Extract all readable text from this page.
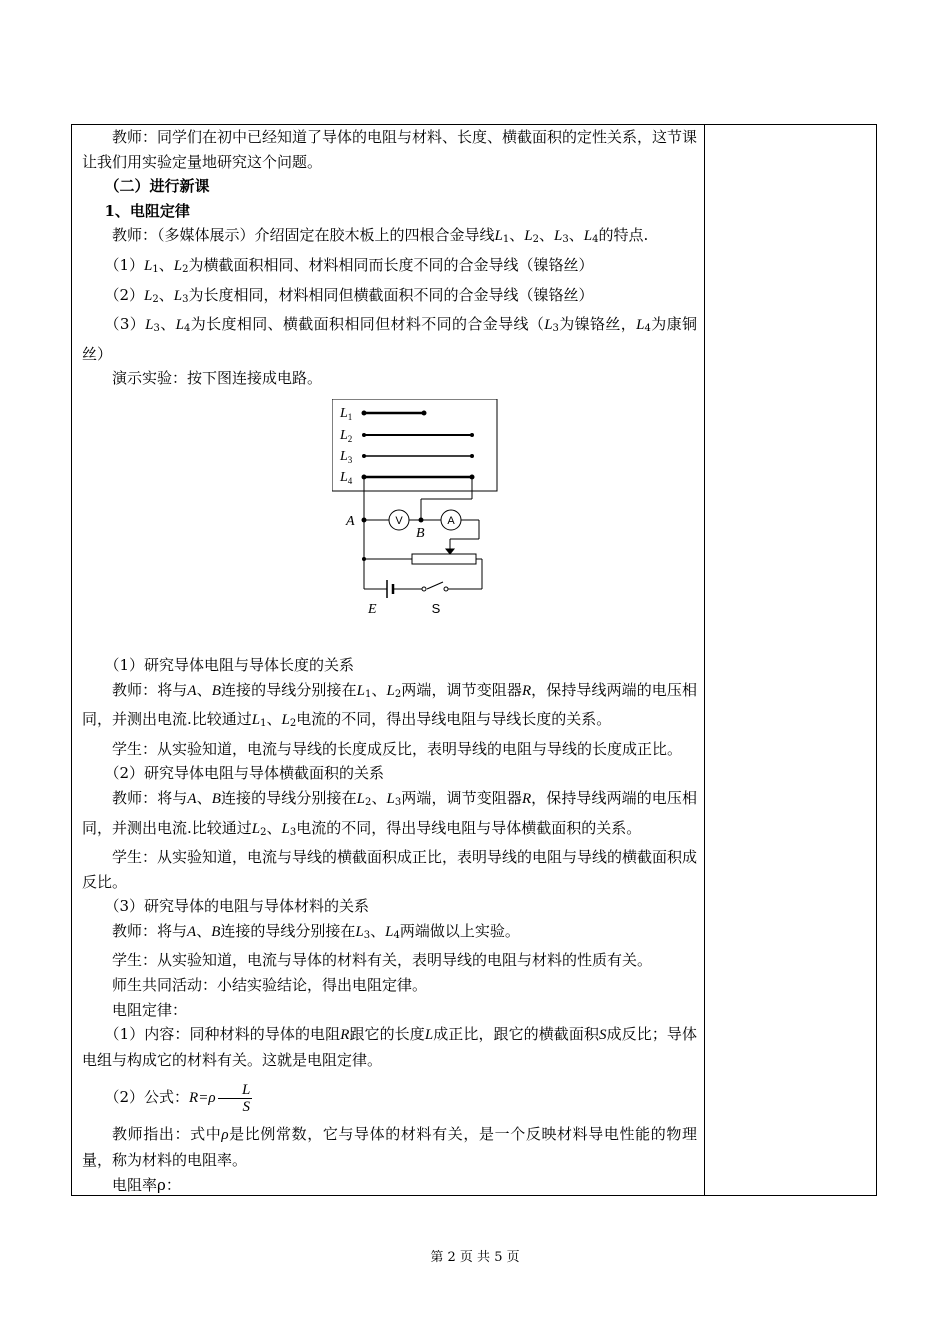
教师：同学们在初中已经知道了导体的电阻与材料、长度、横截面积的定性关系，这节课让我们用实验定量地研究这个问题。

（二）进行新课

1、电阻定律

教师：（多媒体展示）介绍固定在胶木板上的四根合金导线$L_1$、$L_2$、$L_3$、$L_4$的特点.

$(1)L_1$、$L_2$为横截面积相同、材料相同而长度不同的合金导线（镍铬丝）

$(2)L_2$、$L_3$为长度相同，材料相同但横截面积不同的合金导线（镍铬丝）

$(3)L_3$、$L_4$为长度相同、横截面积相同但材料不同的合金导线（$L_3$为镍铬丝，$L_4$为康铜丝）

演示实验：按下图连接成电路。

$L_1$
$L_2$
$L_3$
$L_4$
A
B
E
V	A
S

（1）研究导体电阻与导体长度的关系

教师：将与A、B连接的导线分别接在$L_1$、$L_2$两端，调节变阻器R，保持导线两端的电压相同，并测出电流.比较通过$L_1$、$L_2$电流的不同，得出导线电阻与导线长度的关系。

学生：从实验知道，电流与导线的长度成反比，表明导线的电阻与导线的长度成正比。

（2）研究导体电阻与导体横截面积的关系

教师：将与A、B连接的导线分别接在$L_2$、$L_3$两端，调节变阻器R，保持导线两端的电压相同，并测出电流.比较通过$L_2$、$L_3$电流的不同，得出导线电阻与导体横截面积的关系。

学生：从实验知道，电流与导线的横截面积成正比，表明导线的电阻与导线的横截面积成反比。

（3）研究导体的电阻与导体材料的关系

教师：将与A、B连接的导线分别接在$L_3$、$L_4$两端做以上实验。

学生：从实验知道，电流与导体的材料有关，表明导线的电阻与材料的性质有关。

师生共同活动：小结实验结论，得出电阻定律。

电阻定律：

（1）内容：同种材料的导体的电阻R跟它的长度L成正比，跟它的横截面积S成反比；导体电组与构成它的材料有关。这就是电阻定律。

（2）公式：$R=\rho \frac{L}{S}$

教师指出：式中ρ是比例常数，它与导体的材料有关，是一个反映材料导电性能的物理量，称为材料的电阻率。

电阻率ρ：

第 2 页 共 5 页
